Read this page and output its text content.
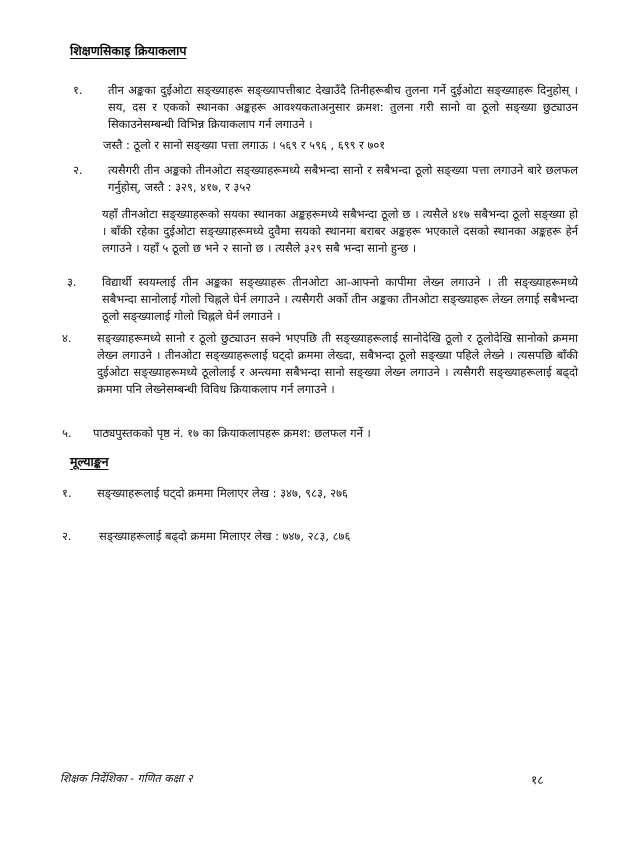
शिक्षणसिकाइ क्रियाकलाप
१.	तीन अङ्कका दुईओटा सङ्ख्याहरू सङ्ख्यापत्तीबाट देखाउँदै तिनीहरूबीच तुलना गर्ने दुईओटा सङ्ख्याहरू दिनुहोस् । सय, दस र एकको स्थानका अङ्कहरू आवश्यकताअनुसार क्रमश: तुलना गरी सानो वा ठूलो सङ्ख्या छुट्याउन सिकाउनेसम्बन्धी विभिन्न क्रियाकलाप गर्न लगाउने ।
जस्तै : ठूलो र सानो सङ्ख्या पत्ता लगाऊ । ५६९ र ५९६ , ६९९ र ७०१
२.	त्यसैगरी तीन अङ्कको तीनओटा सङ्ख्याहरूमध्ये सबैभन्दा सानो र सबैभन्दा ठूलो सङ्ख्या पत्ता लगाउने बारे छलफल गर्नुहोस्, जस्तै : ३२९, ४१७, र ३५२
यहाँ तीनओटा सङ्ख्याहरूको सयका स्थानका अङ्कहरूमध्ये सबैभन्दा ठूलो छ । त्यसैले ४१७ सबैभन्दा ठूलो सङ्ख्या हो । बाँकी रहेका दुईओटा सङ्ख्याहरूमध्ये दुवैमा सयको स्थानमा बराबर अङ्कहरू भएकाले दसको स्थानका अङ्कहरू हेर्न लगाउने । यहाँ ५ ठूलो छ भने २ सानो छ । त्यसैले ३२९ सबै भन्दा सानो हुन्छ ।
३.	विद्यार्थी स्वयम्लाई तीन अङ्कका सङ्ख्याहरू तीनओटा आ-आफ्नो कापीमा लेख्न लगाउने । ती सङ्ख्याहरूमध्ये सबैभन्दा सानोलाई गोलो चिह्नले घेर्न लगाउने । त्यसैगरी अर्को तीन अङ्कका तीनओटा सङ्ख्याहरू लेख्न लगाई सबैभन्दा ठूलो सङ्ख्यालाई गोलो चिह्नले घेर्न लगाउने ।
४.	सङ्ख्याहरूमध्ये सानो र ठूलो छुट्याउन सक्ने भएपछि ती सङ्ख्याहरूलाई सानोदेखि ठूलो र ठूलोदेखि सानोको क्रममा लेख्न लगाउने । तीनओटा सङ्ख्याहरूलाई घट्दो क्रममा लेख्दा, सबैभन्दा ठूलो सङ्ख्या पहिले लेख्ने । त्यसपछि बाँकी दुईओटा सङ्ख्याहरूमध्ये ठूलोलाई र अन्त्यमा सबैभन्दा सानो सङ्ख्या लेख्न लगाउने । त्यसैगरी सङ्ख्याहरूलाई बढ्दो क्रममा पनि लेख्नेसम्बन्धी विविध क्रियाकलाप गर्न लगाउने ।
५.	पाठ्यपुस्तकको पृष्ठ नं. १७ का क्रियाकलापहरू क्रमश: छलफल गर्ने ।
मूल्याङ्कन
१.	सङ्ख्याहरूलाई घट्दो क्रममा मिलाएर लेख : ३४७, ९८३, २७६
२.	सङ्ख्याहरूलाई बढ्दो क्रममा मिलाएर लेख : ७४७, २८३, ८७६
शिक्षक निर्देशिका - गणित कक्षा २	१८
